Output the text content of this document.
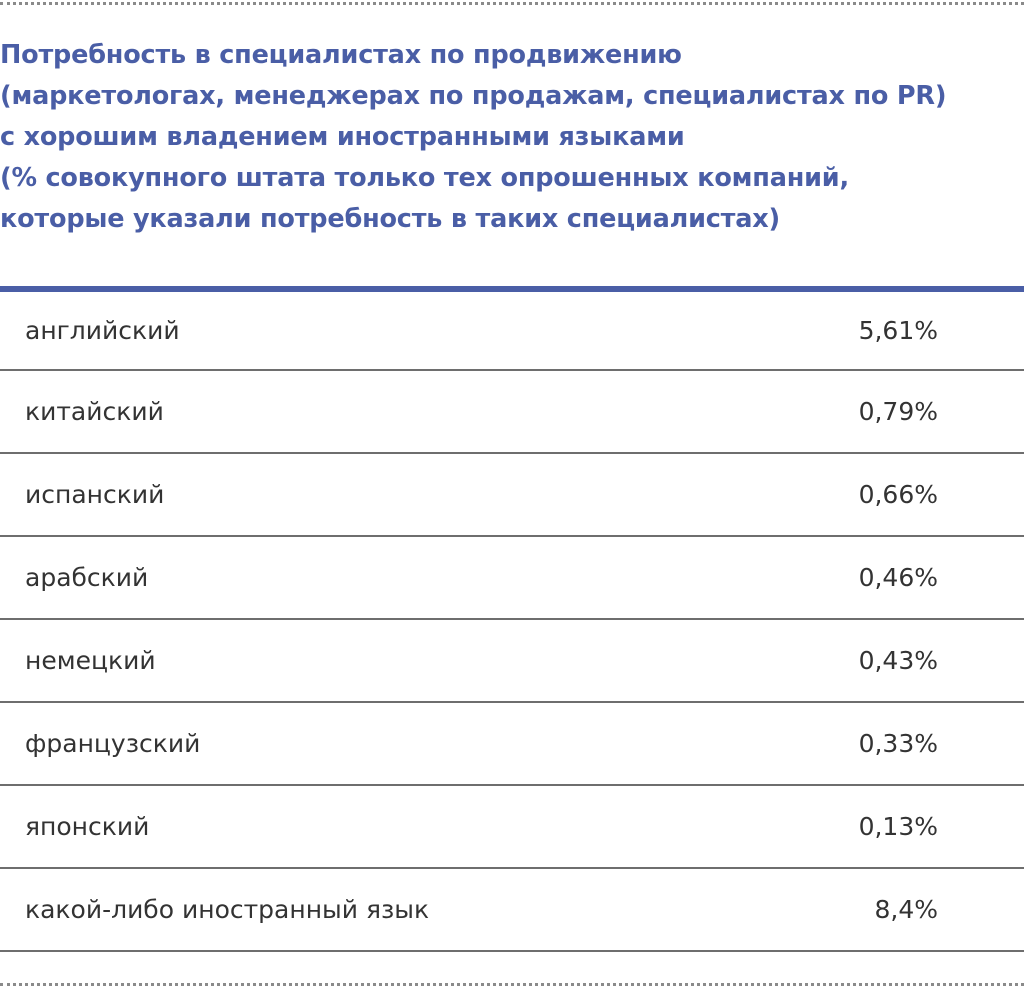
Потребность в специалистах по продвижению
(маркетологах, менеджерах по продажам, специалистах по PR)
с хорошим владением иностранными языками
(% совокупного штата только тех опрошенных компаний,
которые указали потребность в таких специалистах)
английский	5,61%
китайский	0,79%
испанский	0,66%
арабский	0,46%
немецкий	0,43%
французский	0,33%
японский	0,13%
какой-либо иностранный язык	8,4%
